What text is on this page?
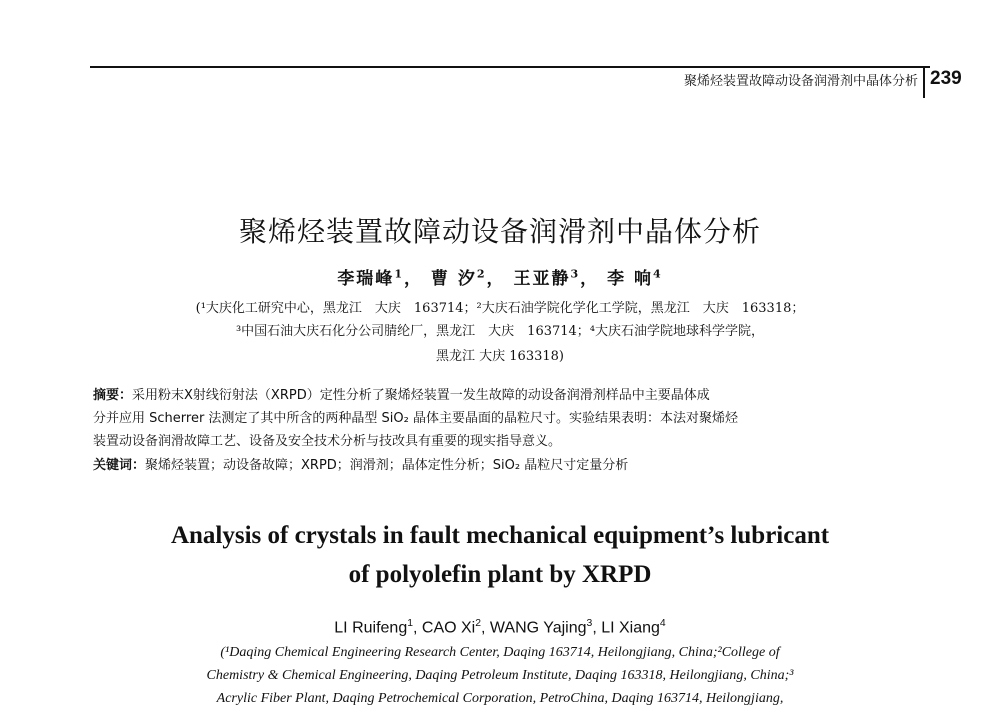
聚烯烃装置故障动设备润滑剂中晶体分析 239
聚烯烃装置故障动设备润滑剂中晶体分析
李瑞峰$^1$， 曹 汐$^2$， 王亚静$^3$， 李 响$^4$
(¹大庆化工研究中心，黑龙江　大庆　163714；²大庆石油学院化学化工学院，黑龙江　大庆　163318；
³中国石油大庆石化分公司腈纶厂，黑龙江　大庆　163714；⁴大庆石油学院地球科学学院，
黑龙江 大庆 163318)
摘要：采用粉末X射线衍射法（XRPD）定性分析了聚烯烃装置一发生故障的动设备润滑剂样品中主要晶体成
分并应用 Scherrer 法测定了其中所含的两种晶型 SiO₂ 晶体主要晶面的晶粒尺寸。实验结果表明：本法对聚烯烃
装置动设备润滑故障工艺、设备及安全技术分析与技改具有重要的现实指导意义。
关键词：聚烯烃装置；动设备故障；XRPD；润滑剂；晶体定性分析；SiO₂ 晶粒尺寸定量分析
Analysis of crystals in fault mechanical equipment’s lubricant
of polyolefin plant by XRPD
LI Ruifeng$^1$, CAO Xi$^2$, WANG Yajing$^3$, LI Xiang$^4$
(¹Daqing Chemical Engineering Research Center, Daqing 163714, Heilongjiang, China;²College of
Chemistry & Chemical Engineering, Daqing Petroleum Institute, Daqing 163318, Heilongjiang, China;³
Acrylic Fiber Plant, Daqing Petrochemical Corporation, PetroChina, Daqing 163714, Heilongjiang,
